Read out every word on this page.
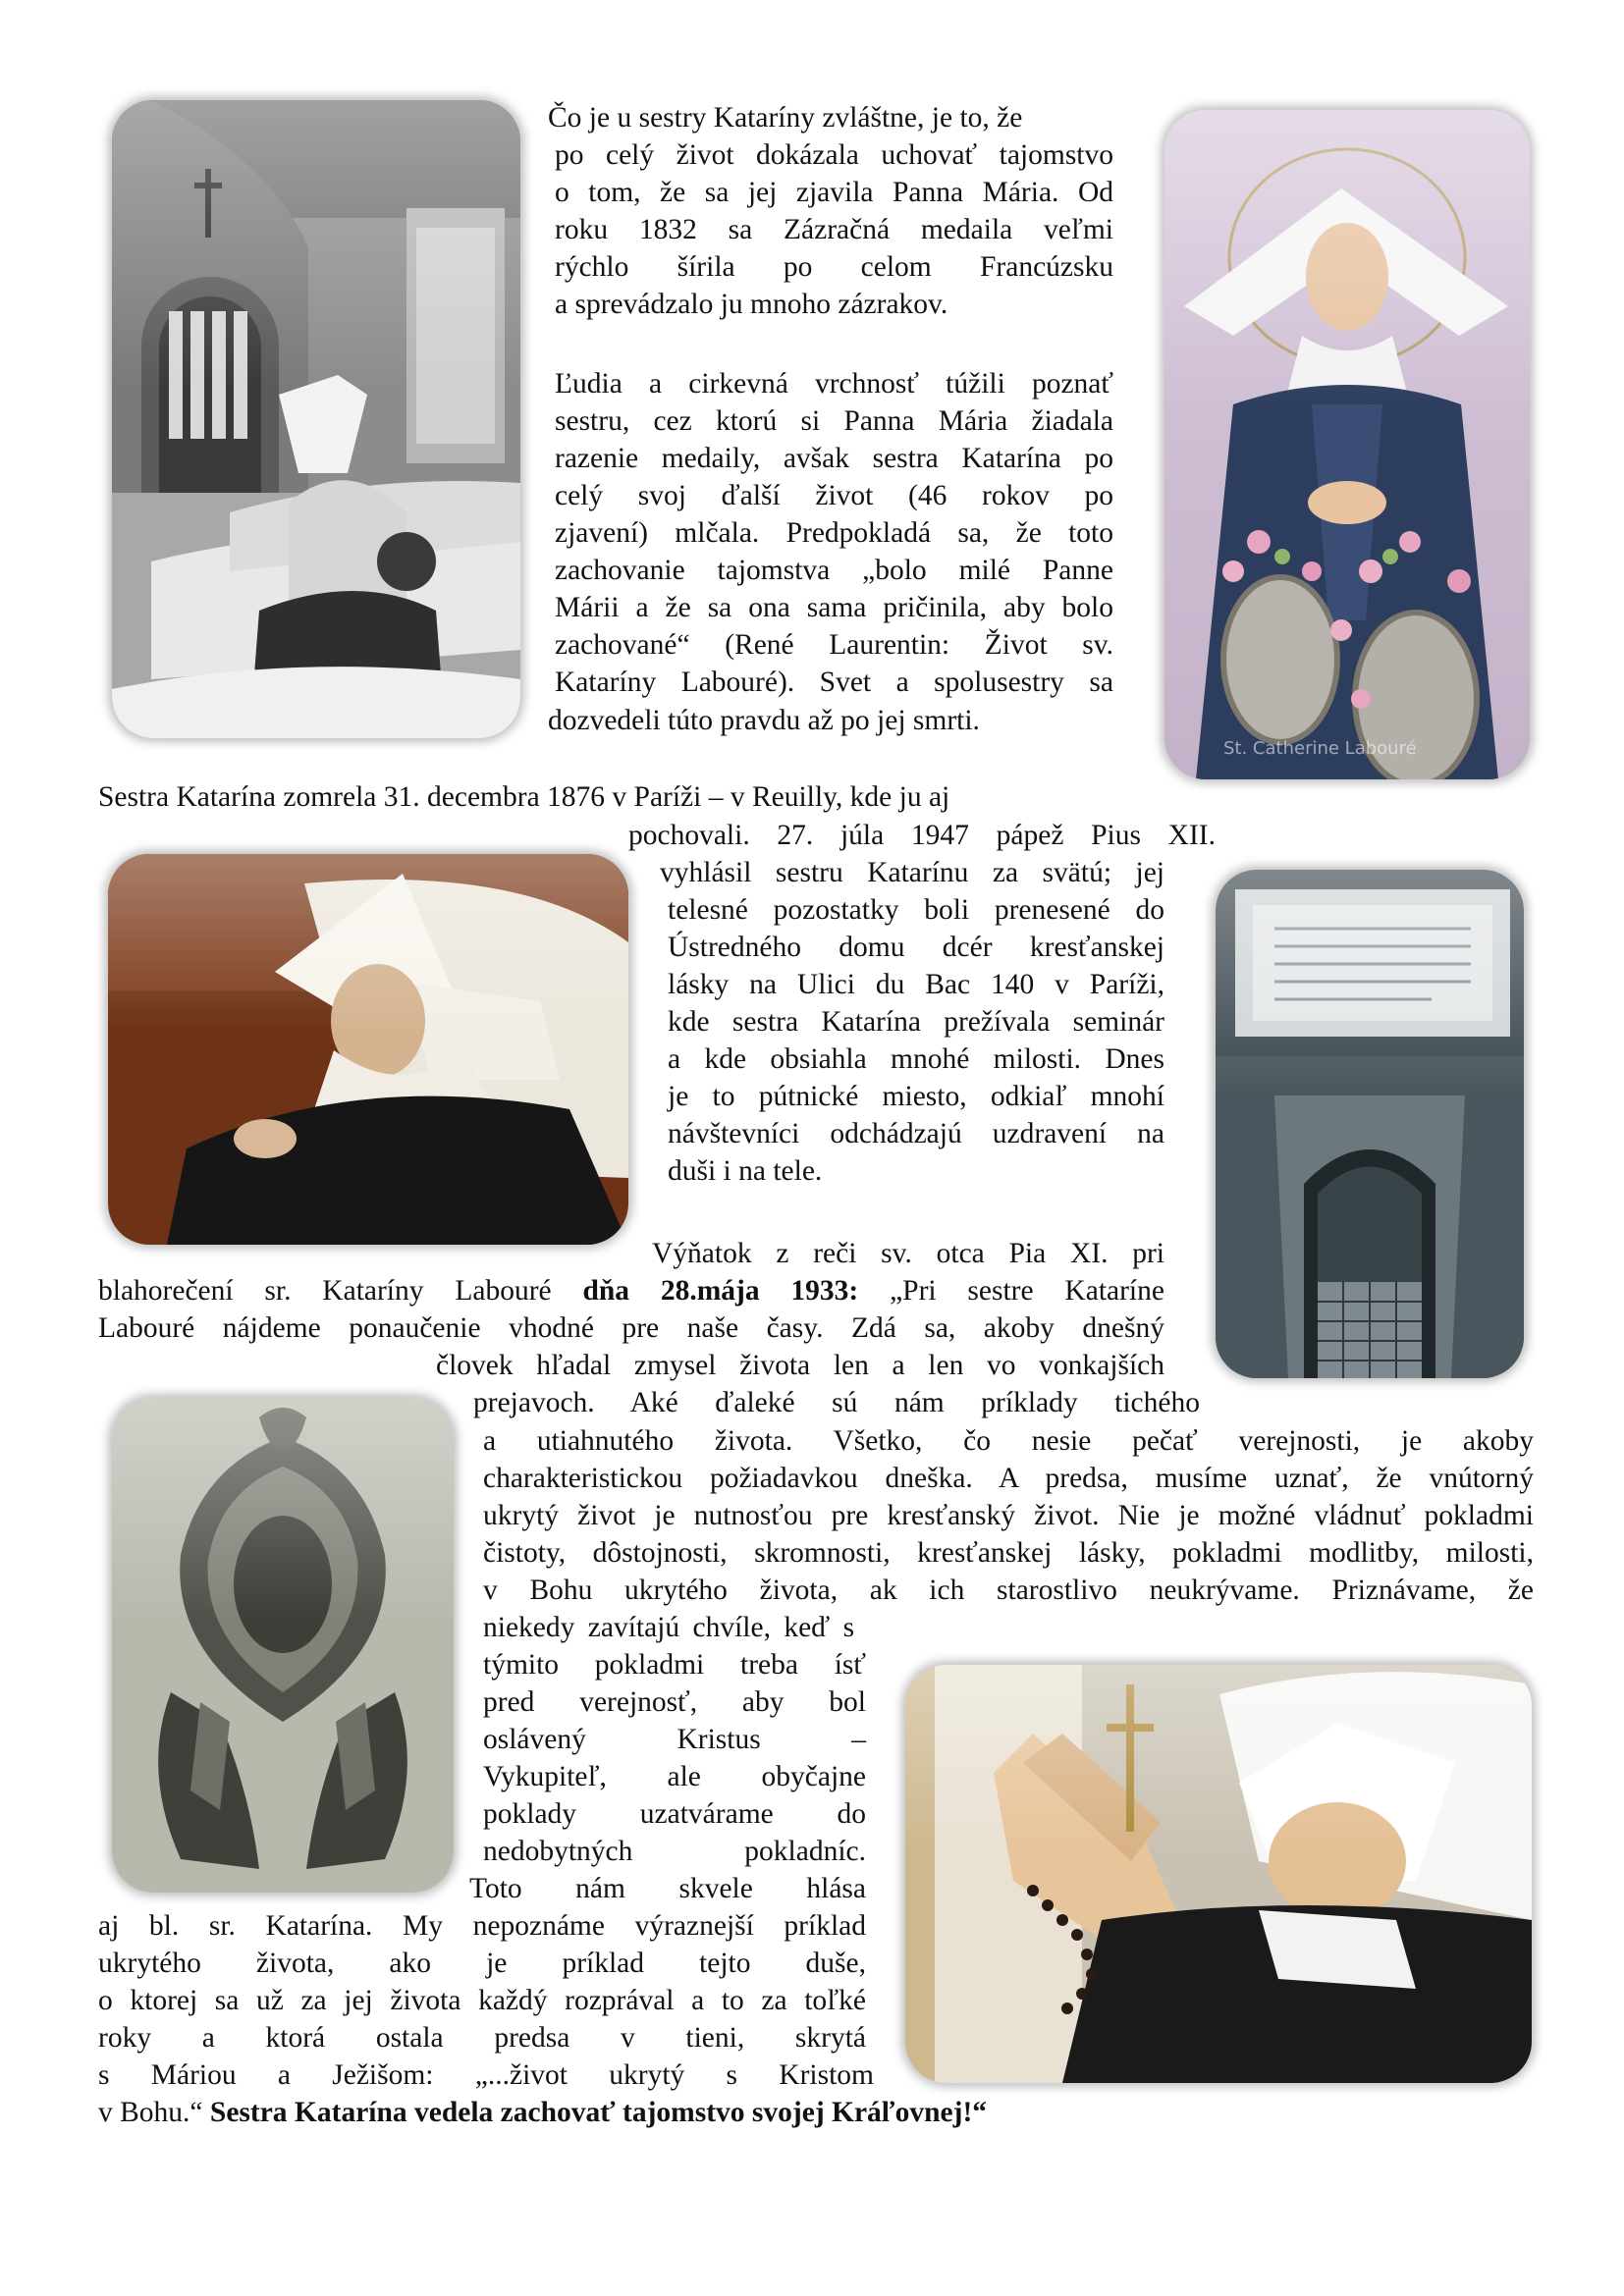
St. Catherine Labouré

Čo je u sestry Kataríny zvláštne, je to, že

po celý život dokázala uchovať tajomstvo

o tom, že sa jej zjavila Panna Mária. Od

roku 1832 sa Zázračná medaila veľmi

rýchlo šírila po celom Francúzsku

a sprevádzalo ju mnoho zázrakov.

Ľudia a cirkevná vrchnosť túžili poznať

sestru, cez ktorú si Panna Mária žiadala

razenie medaily, avšak sestra Katarína po

celý svoj ďalší život (46 rokov po

zjavení) mlčala. Predpokladá sa, že toto

zachovanie tajomstva „bolo milé Panne

Márii a že sa ona sama pričinila, aby bolo

zachované“ (René Laurentin: Život sv.

Kataríny Labouré). Svet a spolusestry sa

dozvedeli túto pravdu až po jej smrti.

Sestra Katarína zomrela 31. decembra 1876 v Paríži – v Reuilly, kde ju aj

pochovali. 27. júla 1947 pápež Pius XII.

vyhlásil sestru Katarínu za svätú; jej

telesné pozostatky boli prenesené do

Ústredného domu dcér kresťanskej

lásky na Ulici du Bac 140 v Paríži,

kde sestra Katarína prežívala seminár

a kde obsiahla mnohé milosti. Dnes

je to pútnické miesto, odkiaľ mnohí

návštevníci odchádzajú uzdravení na

duši i na tele.

Výňatok z reči sv. otca Pia XI. pri

blahorečení sr. Kataríny Labouré dňa 28.mája 1933: „Pri sestre Kataríne

Labouré nájdeme ponaučenie vhodné pre naše časy. Zdá sa, akoby dnešný

človek hľadal zmysel života len a len vo vonkajších

prejavoch. Aké ďaleké sú nám príklady tichého

a utiahnutého života. Všetko, čo nesie pečať verejnosti, je akoby

charakteristickou požiadavkou dneška. A predsa, musíme uznať, že vnútorný

ukrytý život je nutnosťou pre kresťanský život. Nie je možné vládnuť pokladmi

čistoty, dôstojnosti, skromnosti, kresťanskej lásky, pokladmi modlitby, milosti,

v Bohu ukrytého života, ak ich starostlivo neukrývame. Priznávame, že

niekedy zavítajú chvíle, keď s

týmito pokladmi treba ísť

pred verejnosť, aby bol

oslávený Kristus –

Vykupiteľ, ale obyčajne

poklady uzatvárame do

nedobytných pokladníc.

Toto nám skvele hlása

aj bl. sr. Katarína. My nepoznáme výraznejší príklad

ukrytého života, ako je príklad tejto duše,

o ktorej sa už za jej života každý rozprával a to za toľké

roky a ktorá ostala predsa v tieni, skrytá

s Máriou a Ježišom: „...život ukrytý s Kristom

v Bohu.“ Sestra Katarína vedela zachovať tajomstvo svojej Kráľovnej!“
